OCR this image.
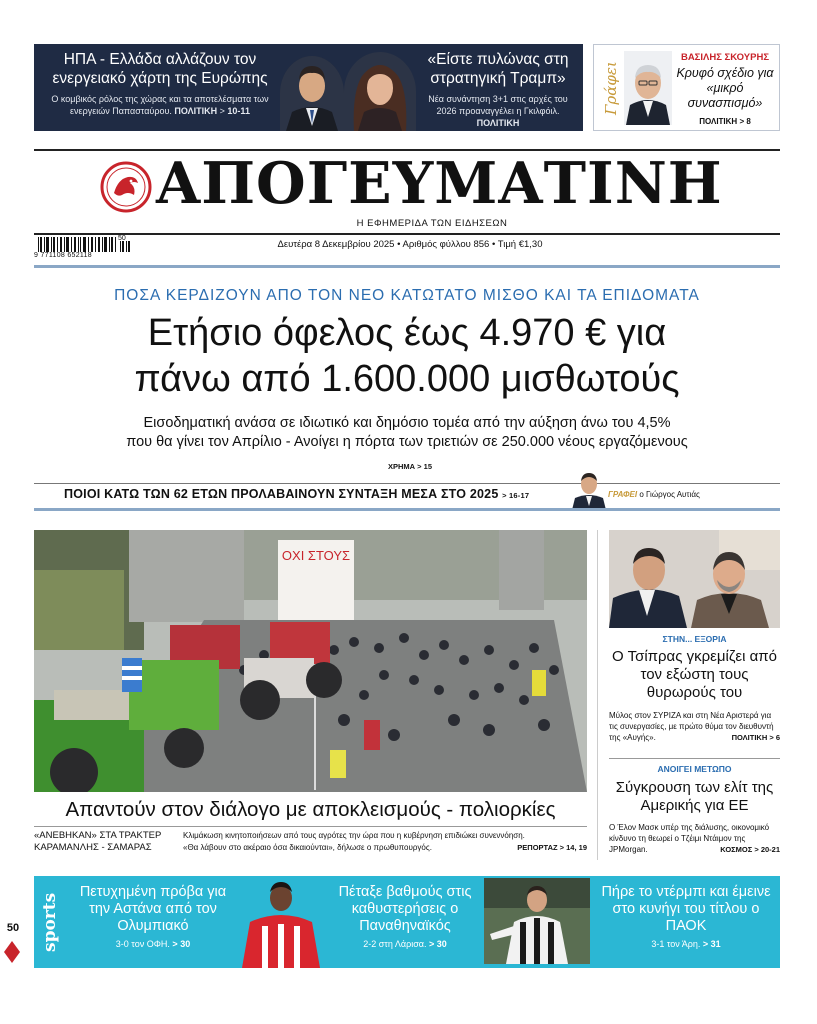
ΗΠΑ - Ελλάδα αλλάζουν τον ενεργειακό χάρτη της Ευρώπης
Ο κομβικός ρόλος της χώρας και τα αποτελέσματα των ενεργειών Παπασταύρου. ΠΟΛΙΤΙΚΗ > 10-11
«Είστε πυλώνας στη στρατηγική Τραμπ»
Νέα συνάντηση 3+1 στις αρχές του 2026 προαναγγέλει η Γκιλφόιλ. ΠΟΛΙΤΙΚΗ
Γράφει
ΒΑΣΙΛΗΣ ΣΚΟΥΡΗΣ
Κρυφό σχέδιο για «μικρό συνασπισμό»
ΠΟΛΙΤΙΚΗ > 8
ΑΠΟΓΕΥΜΑΤΙΝΗ
Η ΕΦΗΜΕΡΙΔΑ ΤΩΝ ΕΙΔΗΣΕΩΝ
9 771108 652118
50
Δευτέρα 8 Δεκεμβρίου 2025 • Αριθμός φύλλου 856 • Τιμή €1,30
ΠΟΣΑ ΚΕΡΔΙΖΟΥΝ ΑΠΟ ΤΟΝ ΝΕΟ ΚΑΤΩΤΑΤΟ ΜΙΣΘΟ ΚΑΙ ΤΑ ΕΠΙΔΟΜΑΤΑ
Ετήσιο όφελος έως 4.970 € για
πάνω από 1.600.000 μισθωτούς
Εισοδηματική ανάσα σε ιδιωτικό και δημόσιο τομέα από την αύξηση άνω του 4,5%
που θα γίνει τον Απρίλιο - Ανοίγει η πόρτα των τριετιών σε 250.000 νέους εργαζόμενους
ΧΡΗΜΑ > 15
ΠΟΙΟΙ ΚΑΤΩ ΤΩΝ 62 ΕΤΩΝ ΠΡΟΛΑΒΑΙΝΟΥΝ ΣΥΝΤΑΞΗ ΜΕΣΑ ΣΤΟ 2025 > 16-17	ΓΡΑΦΕΙ ο Γιώργος Αυτιάς
ΟΧΙ ΣΤΟΥΣ
Απαντούν στον διάλογο με αποκλεισμούς - πολιορκίες
«ΑΝΕΒΗΚΑΝ» ΣΤΑ ΤΡΑΚΤΕΡ
ΚΑΡΑΜΑΝΛΗΣ - ΣΑΜΑΡΑΣ
Κλιμάκωση κινητοποιήσεων από τους αγρότες την ώρα που η κυβέρνηση επιδιώκει συνεννόηση.
«Θα λάβουν στο ακέραιο όσα δικαιούνται», δήλωσε ο πρωθυπουργός.	ΡΕΠΟΡΤΑΖ > 14, 19
ΣΤΗΝ... ΕΞΟΡΙΑ
Ο Τσίπρας γκρεμίζει από τον εξώστη τους θυρωρούς του
Μύλος στον ΣΥΡΙΖΑ και στη Νέα Αριστερά για τις συνεργασίες, με πρώτο θύμα τον διευθυντή της «Αυγής».	ΠΟΛΙΤΙΚΗ > 6
ΑΝΟΙΓΕΙ ΜΕΤΩΠΟ
Σύγκρουση των ελίτ της Αμερικής για ΕΕ
Ο Έλον Μασκ υπέρ της διάλυσης, οικονομικό κίνδυνο τη θεωρεί ο Τζέιμι Ντάιμον της JPMorgan.	ΚΟΣΜΟΣ > 20-21
sports
Πετυχημένη πρόβα για την Αστάνα από τον Ολυμπιακό
3-0 τον ΟΦΗ. > 30
Πέταξε βαθμούς στις καθυστερήσεις ο Παναθηναϊκός
2-2 στη Λάρισα. > 30
Πήρε το ντέρμπι και έμεινε στο κυνήγι του τίτλου ο ΠΑΟΚ
3-1 τον Άρη. > 31
50
